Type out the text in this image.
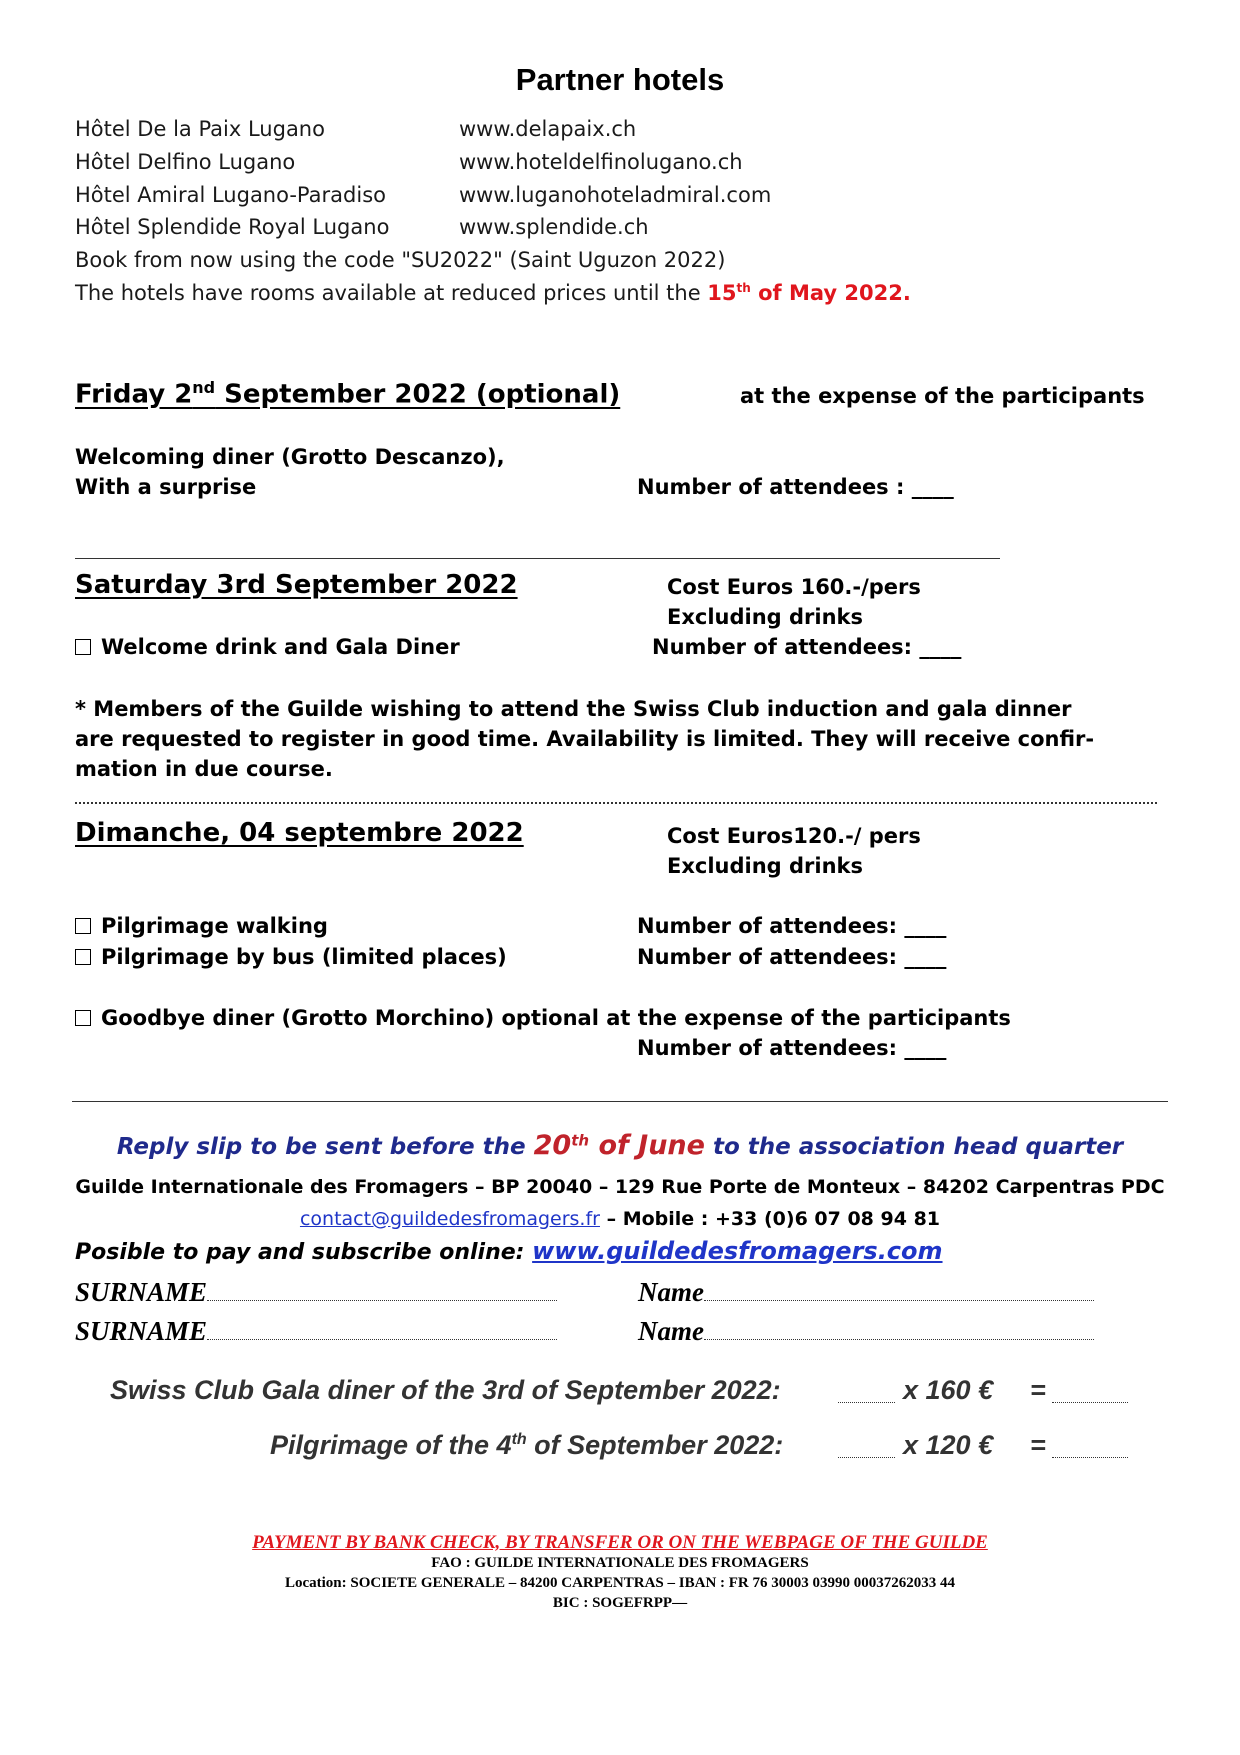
Partner hotels
Hôtel De la Paix Lugano	www.delapaix.ch
Hôtel Delfino Lugano	www.hoteldelfinolugano.ch
Hôtel Amiral Lugano-Paradiso	www.luganohoteladmiral.com
Hôtel Splendide Royal Lugano	www.splendide.ch
Book from now using the code "SU2022" (Saint Uguzon 2022)
The hotels have rooms available at reduced prices until the 15th of May 2022.
Friday 2nd September 2022 (optional)	at the expense of the participants
Welcoming diner (Grotto Descanzo),
With a surprise	Number of attendees : ____
Saturday 3rd September 2022	Cost Euros 160.-/pers
Excluding drinks
Welcome drink and Gala Diner	Number of attendees: ____
* Members of the Guilde wishing to attend the Swiss Club induction and gala dinner
are requested to register in good time. Availability is limited. They will receive confir-
mation in due course.
Dimanche, 04 septembre 2022	Cost Euros120.-/ pers
Excluding drinks
Pilgrimage walking	Number of attendees: ____
Pilgrimage by bus (limited places)	Number of attendees: ____
Goodbye diner (Grotto Morchino) optional at the expense of the participants
Number of attendees: ____
Reply slip to be sent before the 20th of June to the association head quarter
Guilde Internationale des Fromagers – BP 20040 – 129 Rue Porte de Monteux – 84202 Carpentras PDC
contact@guildedesfromagers.fr – Mobile : +33 (0)6 07 08 94 81
Posible to pay and subscribe online: www.guildedesfromagers.com
SURNAME	Name
SURNAME	Name
Swiss Club Gala diner of the 3rd of September 2022:	x 160 € =
Pilgrimage of the 4th of September 2022:	x 120 € =
PAYMENT BY BANK CHECK, BY TRANSFER OR ON THE WEBPAGE OF THE GUILDE
FAO : GUILDE INTERNATIONALE DES FROMAGERS
Location: SOCIETE GENERALE – 84200 CARPENTRAS – IBAN : FR 76 30003 03990 00037262033 44
BIC : SOGEFRPP—
